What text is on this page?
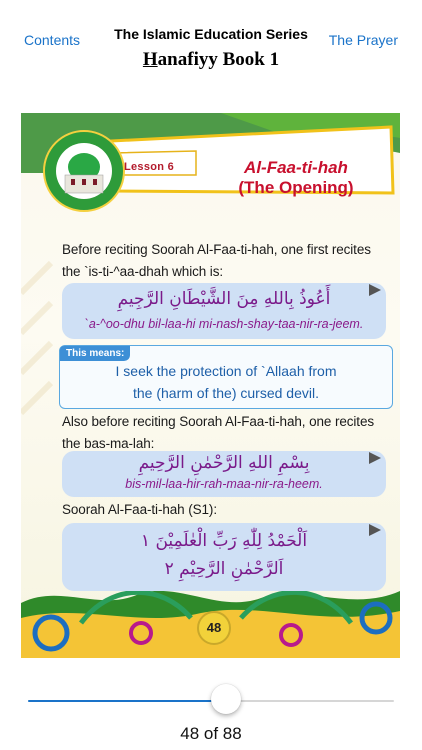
Contents	The Islamic Education Series
Hanafiyy Book 1
The Prayer
Lesson 6	Al-Faa-ti-hah
(The Opening)
Before reciting Soorah Al-Faa-ti-hah, one first recites
the `is-ti-^aa-dhah which is:
أَعُوذُ بِاللهِ مِنَ الشَّيْطَانِ الرَّجِيمِ
`a-^oo-dhu bil-laa-hi mi-nash-shay-taa-nir-ra-jeem.
This means:
I seek the protection of `Allaah from
the (harm of the) cursed devil.
Also before reciting Soorah Al-Faa-ti-hah, one recites
the bas-ma-lah:
بِسْمِ اللهِ الرَّحْمٰنِ الرَّحِيمِ
bis-mil-laa-hir-rah-maa-nir-ra-heem.
Soorah Al-Faa-ti-hah (S1):
اَلْحَمْدُ لِلّٰهِ رَبِّ الْعٰلَمِيْنَ ١
اَلرَّحْمٰنِ الرَّحِيْمِ ٢
48
48 of 88
